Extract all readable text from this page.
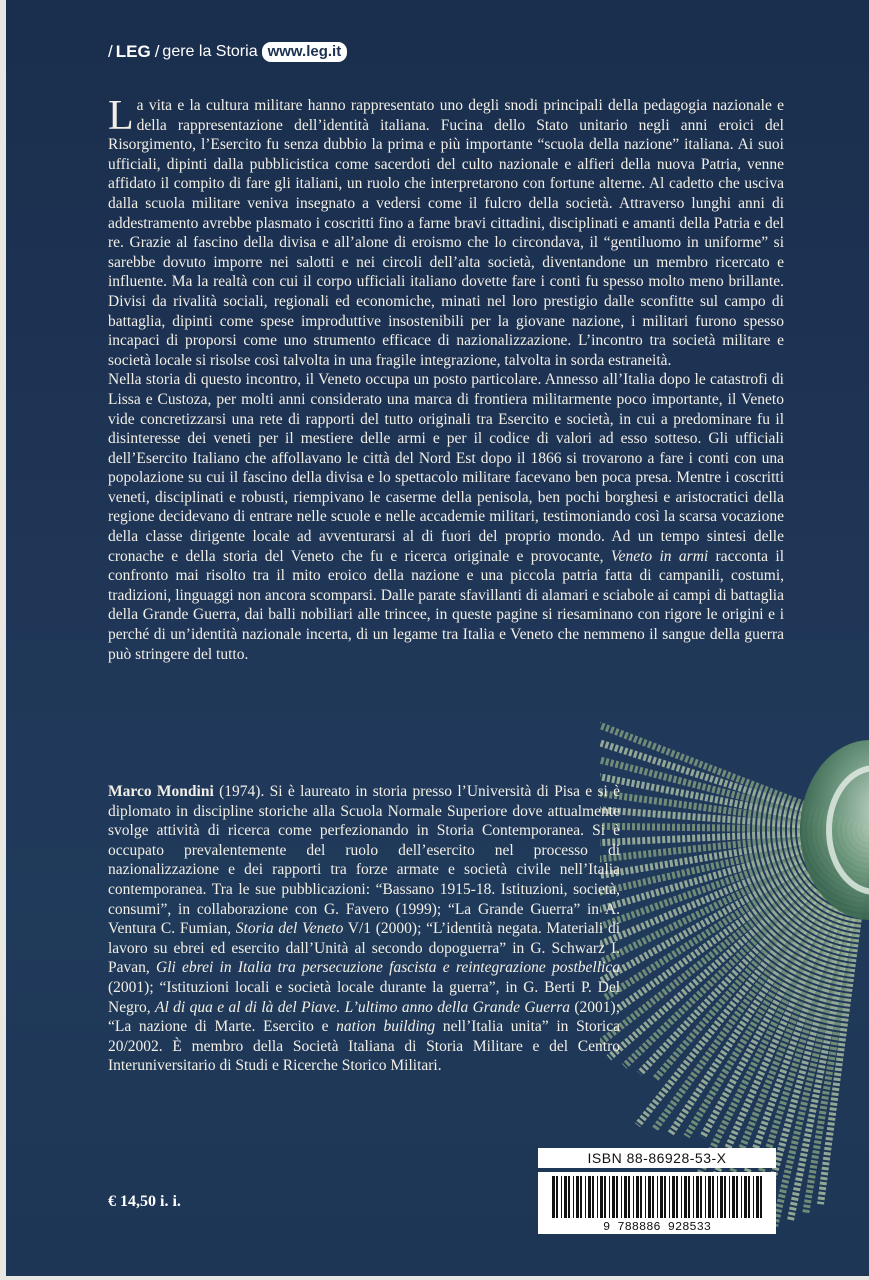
/ LEG / gere la Storia www.leg.it

La vita e la cultura militare hanno rappresentato uno degli snodi principali della pedagogia nazionale e della rappresentazione dell’identità italiana. Fucina dello Stato unitario negli anni eroici del Risorgimento, l’Esercito fu senza dubbio la prima e più importante “scuola della nazione” italiana. Ai suoi ufficiali, dipinti dalla pubblicistica come sacerdoti del culto nazionale e alfieri della nuova Patria, venne affidato il compito di fare gli italiani, un ruolo che interpretarono con fortune alterne. Al cadetto che usciva dalla scuola militare veniva insegnato a vedersi come il fulcro della società. Attraverso lunghi anni di addestramento avrebbe plasmato i coscritti fino a farne bravi cittadini, disciplinati e amanti della Patria e del re. Grazie al fascino della divisa e all’alone di eroismo che lo circondava, il “gentiluomo in uniforme” si sarebbe dovuto imporre nei salotti e nei circoli dell’alta società, diventandone un membro ricercato e influente. Ma la realtà con cui il corpo ufficiali italiano dovette fare i conti fu spesso molto meno brillante. Divisi da rivalità sociali, regionali ed economiche, minati nel loro prestigio dalle sconfitte sul campo di battaglia, dipinti come spese improduttive insostenibili per la giovane nazione, i militari furono spesso incapaci di proporsi come uno strumento efficace di nazionalizzazione. L’incontro tra società militare e società locale si risolse così talvolta in una fragile integrazione, talvolta in sorda estraneità.

Nella storia di questo incontro, il Veneto occupa un posto particolare. Annesso all’Italia dopo le catastrofi di Lissa e Custoza, per molti anni considerato una marca di frontiera militarmente poco importante, il Veneto vide concretizzarsi una rete di rapporti del tutto originali tra Esercito e società, in cui a predominare fu il disinteresse dei veneti per il mestiere delle armi e per il codice di valori ad esso sotteso. Gli ufficiali dell’Esercito Italiano che affollavano le città del Nord Est dopo il 1866 si trovarono a fare i conti con una popolazione su cui il fascino della divisa e lo spettacolo militare facevano ben poca presa. Mentre i coscritti veneti, disciplinati e robusti, riempivano le caserme della penisola, ben pochi borghesi e aristocratici della regione decidevano di entrare nelle scuole e nelle accademie militari, testimoniando così la scarsa vocazione della classe dirigente locale ad avventurarsi al di fuori del proprio mondo. Ad un tempo sintesi delle cronache e della storia del Veneto che fu e ricerca originale e provocante, Veneto in armi racconta il confronto mai risolto tra il mito eroico della nazione e una piccola patria fatta di campanili, costumi, tradizioni, linguaggi non ancora scomparsi. Dalle parate sfavillanti di alamari e sciabole ai campi di battaglia della Grande Guerra, dai balli nobiliari alle trincee, in queste pagine si riesaminano con rigore le origini e i perché di un’identità nazionale incerta, di un legame tra Italia e Veneto che nemmeno il sangue della guerra può stringere del tutto.

Marco Mondini (1974). Si è laureato in storia presso l’Università di Pisa e si è diplomato in discipline storiche alla Scuola Normale Superiore dove attualmente svolge attività di ricerca come perfezionando in Storia Contemporanea. Si è occupato prevalentemente del ruolo dell’esercito nel processo di nazionalizzazione e dei rapporti tra forze armate e società civile nell’Italia contemporanea. Tra le sue pubblicazioni: “Bassano 1915-18. Istituzioni, società, consumi”, in collaborazione con G. Favero (1999); “La Grande Guerra” in A. Ventura C. Fumian, Storia del Veneto V/1 (2000); “L’identità negata. Materiali di lavoro su ebrei ed esercito dall’Unità al secondo dopoguerra” in G. Schwarz I. Pavan, Gli ebrei in Italia tra persecuzione fascista e reintegrazione postbellica (2001); “Istituzioni locali e società locale durante la guerra”, in G. Berti P. Del Negro, Al di qua e al di là del Piave. L’ultimo anno della Grande Guerra (2001); “La nazione di Marte. Esercito e nation building nell’Italia unita” in Storica 20/2002. È membro della Società Italiana di Storia Militare e del Centro Interuniversitario di Studi e Ricerche Storico Militari.
ISBN 88-86928-53-X
9 788886 928533
€ 14,50 i. i.
